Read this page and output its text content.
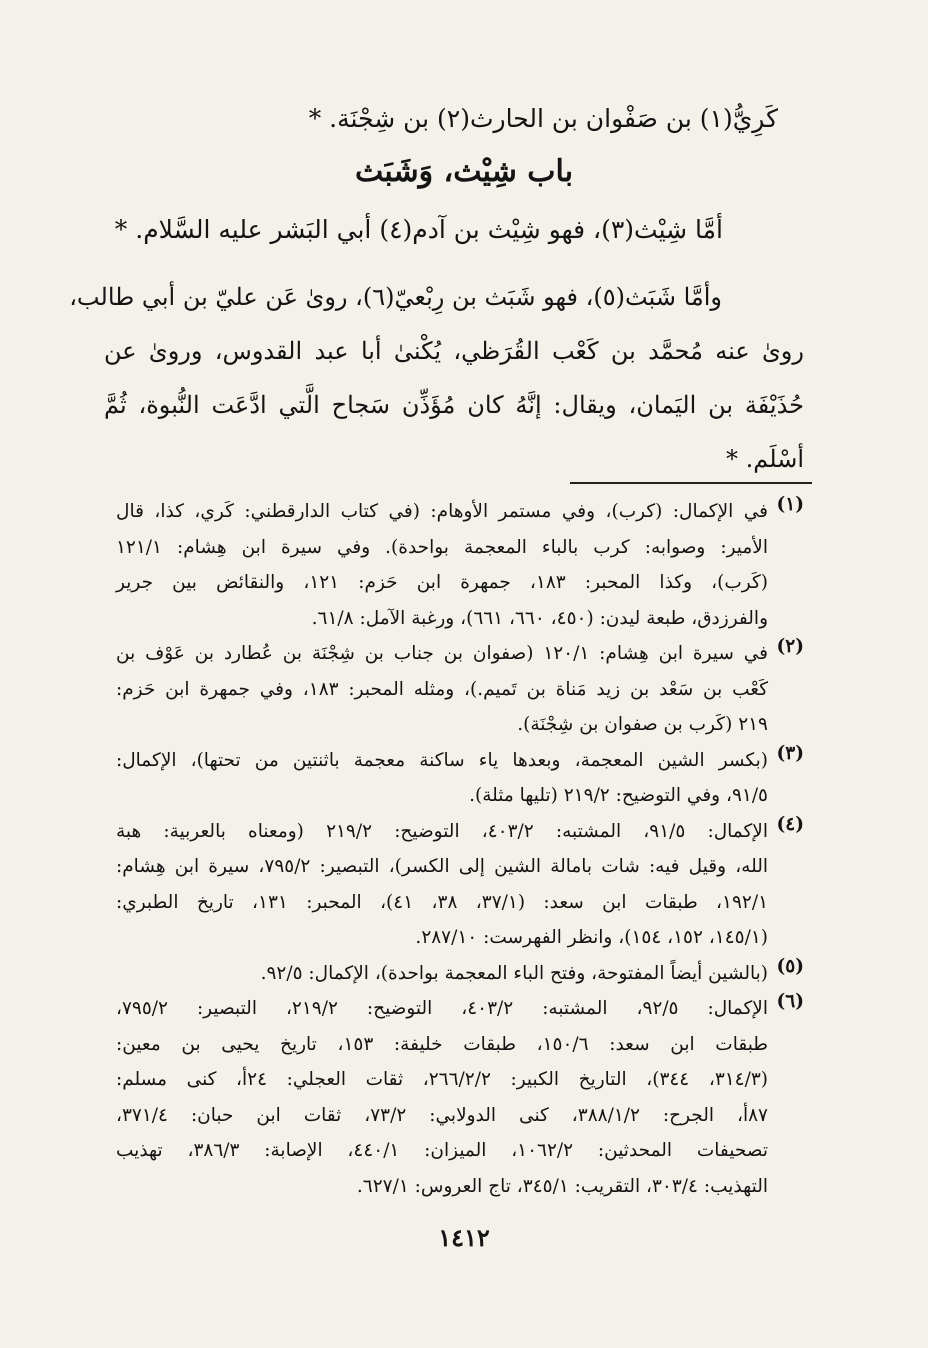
كَرِيُّ(١) بن صَفْوان بن الحارث(٢) بن شِجْنَة. *
باب شِيْث، وَشَبَث
أمَّا شِيْث(٣)، فهو شِيْث بن آدم(٤) أبي البَشر عليه السَّلام. *
وأمَّا شَبَث(٥)، فهو شَبَث بن رِبْعيّ(٦)، روىٰ عَن عليّ بن أبي طالب،
روىٰ عنه مُحمَّد بن كَعْب القُرَظي، يُكْنىٰ أبا عبد القدوس، وروىٰ عن
حُذَيْفَة بن اليَمان، ويقال: إنَّهُ كان مُؤَذِّن سَجاح الَّتي ادَّعَت النُّبوة، ثُمَّ
أسْلَم. *
(١)
في الإكمال: (كرب)، وفي مستمر الأوهام: (في كتاب الدارقطني: كَري، كذا، قال
الأمير: وصوابه: كرب بالباء المعجمة بواحدة). وفي سيرة ابن هِشام: ١٢١/١
(كَرب)، وكذا المحبر: ١٨٣، جمهرة ابن حَزم: ١٢١، والنقائض بين جرير
والفرزدق، طبعة ليدن: (٤٥٠، ٦٦٠، ٦٦١)، ورغبة الآمل: ٦١/٨.
(٢)
في سيرة ابن هِشام: ١٢٠/١ (صفوان بن جناب بن شِجْنَة بن عُطارد بن عَوْف بن
كَعْب بن سَعْد بن زيد مَناة بن تَميم.)، ومثله المحبر: ١٨٣، وفي جمهرة ابن حَزم:
٢١٩ (كَرب بن صفوان بن شِجْنَة).
(٣)
(بكسر الشين المعجمة، وبعدها ياء ساكنة معجمة باثنتين من تحتها)، الإكمال:
٩١/٥، وفي التوضيح: ٢١٩/٢ (تليها مثلة).
(٤)
الإكمال: ٩١/٥، المشتبه: ٤٠٣/٢، التوضيح: ٢١٩/٢ (ومعناه بالعربية: هبة
الله، وقيل فيه: شات بامالة الشين إلى الكسر)، التبصير: ٧٩٥/٢، سيرة ابن هِشام:
١٩٢/١، طبقات ابن سعد: (٣٧/١، ٣٨، ٤١)، المحبر: ١٣١، تاريخ الطبري:
(١٤٥/١، ١٥٢، ١٥٤)، وانظر الفهرست: ٢٨٧/١٠.
(٥)
(بالشين أيضاً المفتوحة، وفتح الباء المعجمة بواحدة)، الإكمال: ٩٢/٥.
(٦)
الإكمال: ٩٢/٥، المشتبه: ٤٠٣/٢، التوضيح: ٢١٩/٢، التبصير: ٧٩٥/٢،
طبقات ابن سعد: ١٥٠/٦، طبقات خليفة: ١٥٣، تاريخ يحيى بن معين:
(٣١٤/٣، ٣٤٤)، التاريخ الكبير: ٢٦٦/٢/٢، ثقات العجلي: ٢٤أ، كنى مسلم:
٨٧أ، الجرح: ٣٨٨/١/٢، كنى الدولابي: ٧٣/٢، ثقات ابن حبان: ٣٧١/٤،
تصحيفات المحدثين: ١٠٦٢/٢، الميزان: ٤٤٠/١، الإصابة: ٣٨٦/٣، تهذيب
التهذيب: ٣٠٣/٤، التقريب: ٣٤٥/١، تاج العروس: ٦٢٧/١.
١٤١٢
